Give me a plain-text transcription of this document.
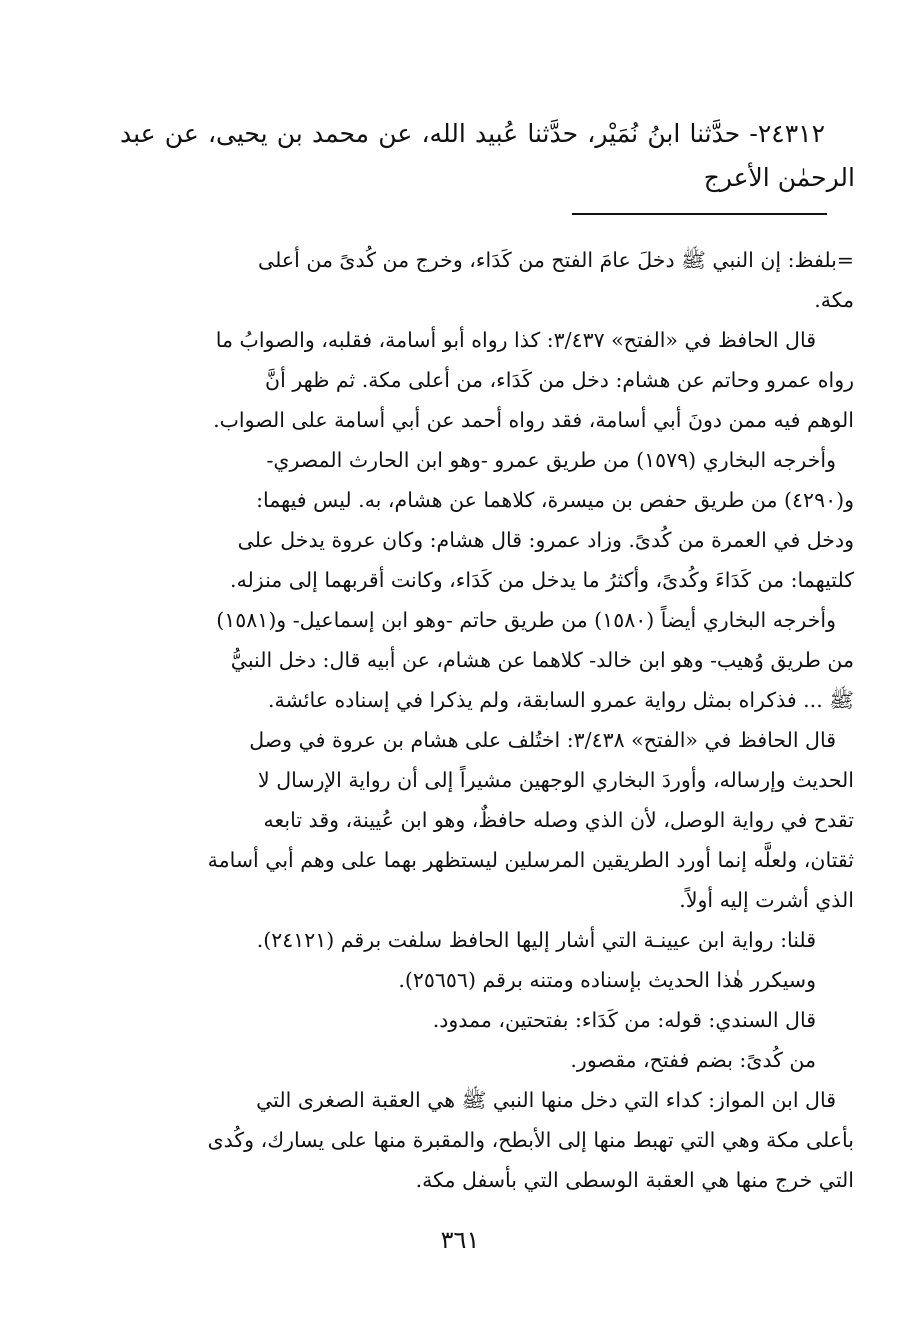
٢٤٣١٢- حدَّثنا ابنُ نُمَيْر، حدَّثنا عُبيد الله، عن محمد بن يحيى، عن عبد الرحمٰن الأعرج

=بلفظ: إن النبي ﷺ دخلَ عامَ الفتح من كَدَاء، وخرج من كُدىً من أعلى

مكة.

قال الحافظ في «الفتح» ٣/٤٣٧: كذا رواه أبو أسامة، فقلبه، والصوابُ ما

رواه عمرو وحاتم عن هشام: دخل من كَدَاء، من أعلى مكة. ثم ظهر أنَّ

الوهم فيه ممن دونَ أبي أسامة، فقد رواه أحمد عن أبي أسامة على الصواب.

وأخرجه البخاري (١٥٧٩) من طريق عمرو -وهو ابن الحارث المصري-

و(٤٢٩٠) من طريق حفص بن ميسرة، كلاهما عن هشام، به. ليس فيهما:

ودخل في العمرة من كُدىً. وزاد عمرو: قال هشام: وكان عروة يدخل على

كلتيهما: من كَدَاءَ وكُدىً، وأكثرُ ما يدخل من كَدَاء، وكانت أقربهما إلى منزله.

وأخرجه البخاري أيضاً (١٥٨٠) من طريق حاتم -وهو ابن إسماعيل- و(١٥٨١)

من طريق وُهيب- وهو ابن خالد- كلاهما عن هشام، عن أبيه قال: دخل النبيُّ

ﷺ ... فذكراه بمثل رواية عمرو السابقة، ولم يذكرا في إسناده عائشة.

قال الحافظ في «الفتح» ٣/٤٣٨: اختُلف على هشام بن عروة في وصل

الحديث وإرساله، وأوردَ البخاري الوجهين مشيراً إلى أن رواية الإرسال لا

تقدح في رواية الوصل، لأن الذي وصله حافظٌ، وهو ابن عُيينة، وقد تابعه

ثقتان، ولعلَّه إنما أورد الطريقين المرسلين ليستظهر بهما على وهم أبي أسامة

الذي أشرت إليه أولاً.

قلنا: رواية ابن عيينـة التي أشار إليها الحافظ سلفت برقم (٢٤١٢١).

وسيكرر هٰذا الحديث بإسناده ومتنه برقم (٢٥٦٥٦).

قال السندي: قوله: من كَدَاء: بفتحتين، ممدود.

من كُدىً: بضم ففتح، مقصور.

قال ابن المواز: كداء التي دخل منها النبي ﷺ هي العقبة الصغرى التي

بأعلى مكة وهي التي تهبط منها إلى الأبطح، والمقبرة منها على يسارك، وكُدى

التي خرج منها هي العقبة الوسطى التي بأسفل مكة.

٣٦١
